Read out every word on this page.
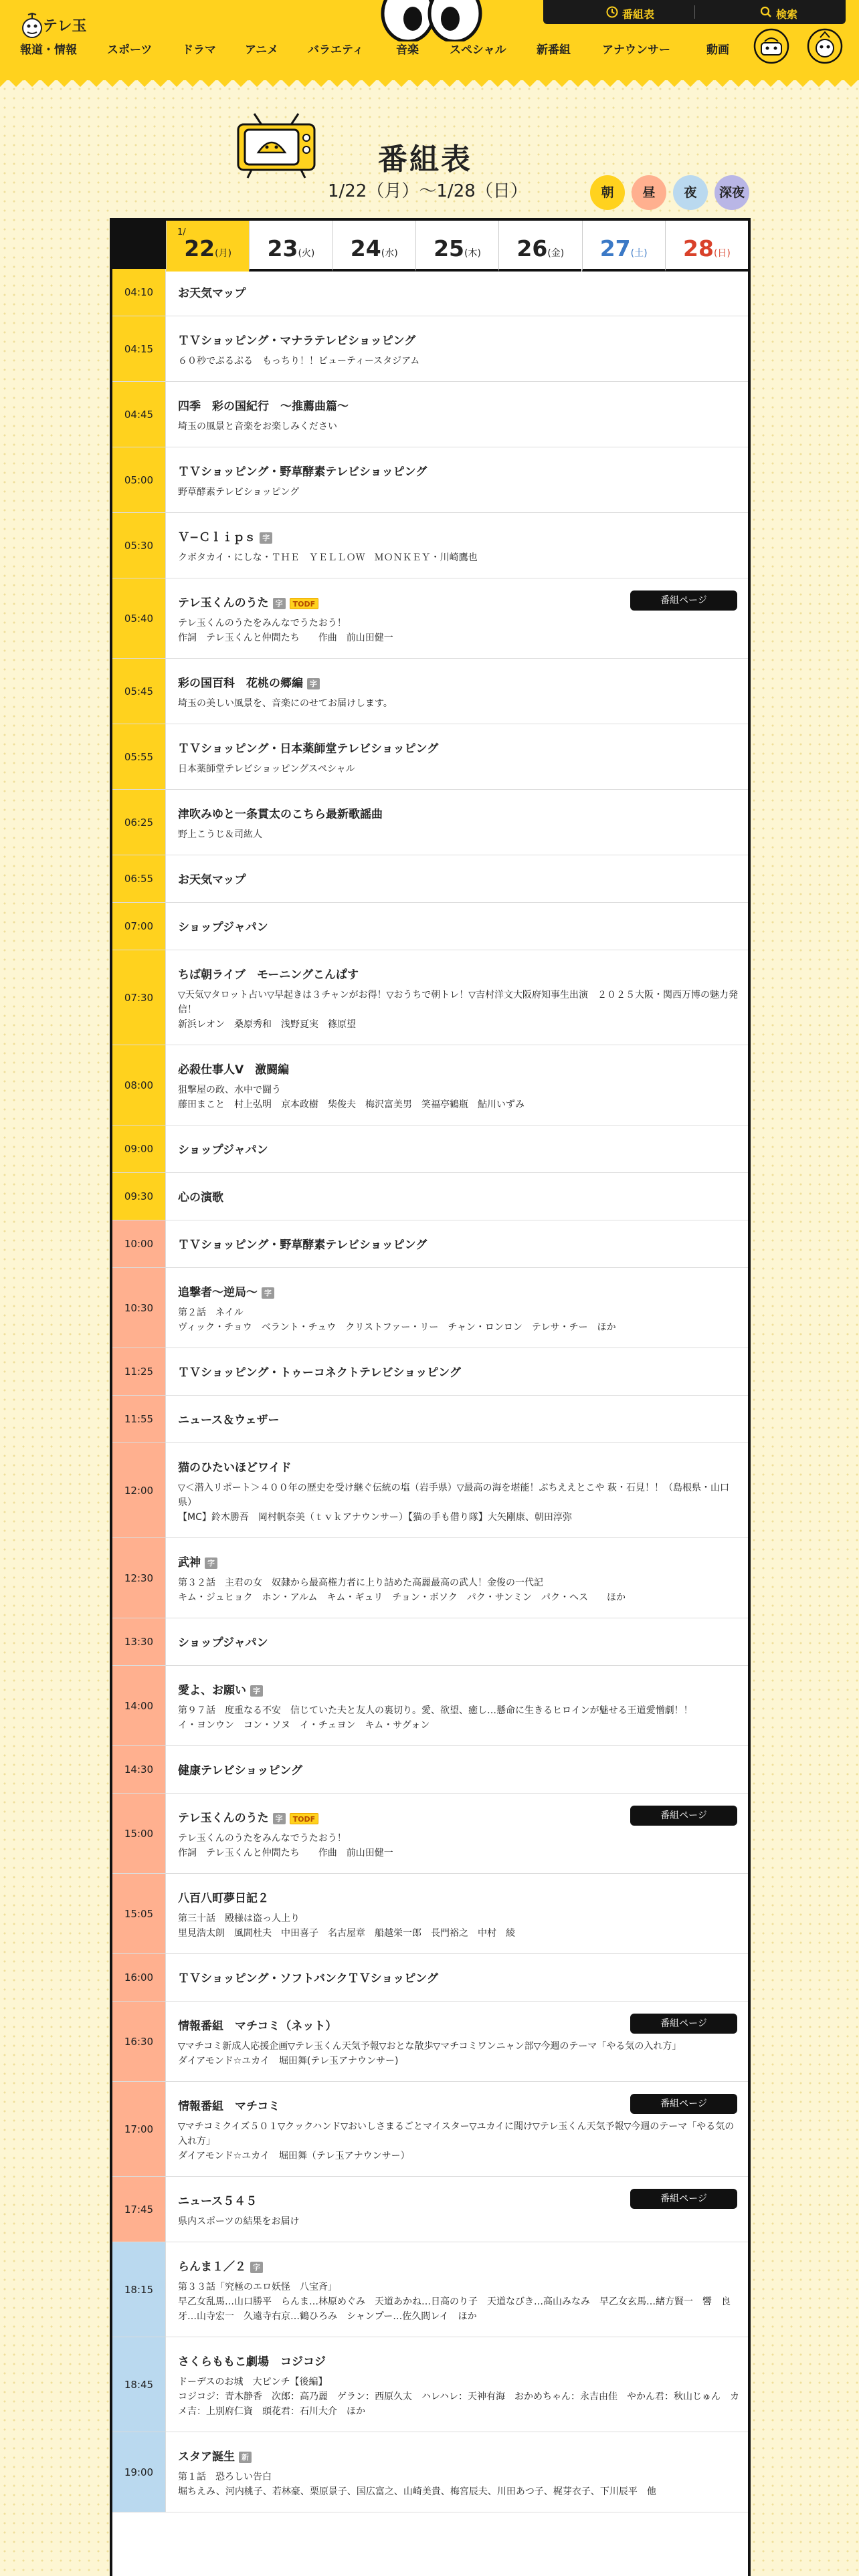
テレ玉
番組表	検索
報道・情報	スポーツ	ドラマ	アニメ	バラエティ	音楽	スペシャル	新番組	アナウンサー	動画
番組表
1/22（月）〜1/28（日）	朝	昼	夜	深夜
1/
22(月)	23(火)	24(水)	25(木)	26(金)	27(土)	28(日)
04:10	お天気マップ
04:15
ＴＶショッピング・マナラテレビショッピング
６０秒でぷるぷる　もっちり！！ビューティースタジアム
04:45
四季　彩の国紀行　〜推薦曲篇〜
埼玉の風景と音楽をお楽しみください
05:00
ＴＶショッピング・野草酵素テレビショッピング
野草酵素テレビショッピング
05:30
Ｖ−Ｃｌｉｐｓ 字
クボタカイ・にしな・ＴＨＥ　ＹＥＬＬＯＷ　ＭＯＮＫＥＹ・川崎鷹也
05:40
テレ玉くんのうた 字 TODF
テレ玉くんのうたをみんなでうたおう！
作詞　テレ玉くんと仲間たち　　作曲　前山田健一
番組ページ
05:45
彩の国百科　花桃の郷編 字
埼玉の美しい風景を、音楽にのせてお届けします。
05:55
ＴＶショッピング・日本薬師堂テレビショッピング
日本薬師堂テレビショッピングスペシャル
06:25
津吹みゆと一条貫太のこちら最新歌謡曲
野上こうじ＆司紘人
06:55	お天気マップ
07:00	ショップジャパン
07:30
ちば朝ライブ　モーニングこんぱす
▽天気▽タロット占い▽早起きは３チャンがお得！▽おうちで朝トレ！▽吉村洋文大阪府知事生出演　２０２５大阪・関西万博の魅力発信！
新浜レオン　桑原秀和　浅野夏実　篠原望
08:00
必殺仕事人Ⅴ　激闘編
狙撃屋の政、水中で闘う
藤田まこと　村上弘明　京本政樹　柴俊夫　梅沢富美男　笑福亭鶴瓶　鮎川いずみ
09:00	ショップジャパン
09:30	心の演歌
10:00	ＴＶショッピング・野草酵素テレビショッピング
10:30
追撃者〜逆局〜 字
第２話　ネイル
ヴィック・チョウ　ベラント・チュウ　クリストファー・リー　チャン・ロンロン　テレサ・チー　ほか
11:25	ＴＶショッピング・トゥーコネクトテレビショッピング
11:55	ニュース＆ウェザー
12:00
猫のひたいほどワイド
▽＜潜入リポート＞４００年の歴史を受け継ぐ伝統の塩（岩手県）▽最高の海を堪能！ぶちええとこや 萩・石見！！（島根県・山口県）
【MC】鈴木勝吾　岡村帆奈美（ｔｖｋアナウンサー）【猫の手も借り隊】大矢剛康、朝田淳弥
12:30
武神 字
第３２話　主君の女　奴隷から最高権力者に上り詰めた高麗最高の武人！金俊の一代記
キム・ジュヒョク　ホン・アルム　キム・ギュリ　チョン・ボソク　パク・サンミン　パク・ヘス　　ほか
13:30	ショップジャパン
14:00
愛よ、お願い 字
第９７話　度重なる不安　信じていた夫と友人の裏切り。愛、欲望、癒し…懸命に生きるヒロインが魅せる王道愛憎劇！！
イ・ヨンウン　コン・ソヌ　イ・チェヨン　キム・サグォン
14:30	健康テレビショッピング
15:00
テレ玉くんのうた 字 TODF
テレ玉くんのうたをみんなでうたおう！
作詞　テレ玉くんと仲間たち　　作曲　前山田健一
番組ページ
15:05
八百八町夢日記２
第三十話　殿様は盗っ人上り
里見浩太朗　風間杜夫　中田喜子　名古屋章　船越栄一郎　長門裕之　中村　綾
16:00	ＴＶショッピング・ソフトバンクＴＶショッピング
16:30
情報番組　マチコミ（ネット）
▽マチコミ新成人応援企画▽テレ玉くん天気予報▽おとな散歩▽マチコミワンニャン部▽今週のテーマ「やる気の入れ方」
ダイアモンド☆ユカイ　堀田舞(テレ玉アナウンサー)
番組ページ
17:00
情報番組　マチコミ
▽マチコミクイズ５０１▽クックハンド▽おいしさまるごとマイスター▽ユカイに聞け▽テレ玉くん天気予報▽今週のテーマ「やる気の入れ方」
ダイアモンド☆ユカイ　堀田舞（テレ玉アナウンサー）
番組ページ
17:45
ニュース５４５
県内スポーツの結果をお届け
番組ページ
18:15
らんま１／２ 字
第３３話「究極のエロ妖怪　八宝斉」
早乙女乱馬…山口勝平　らんま…林原めぐみ　天道あかね…日高のり子　天道なびき…高山みなみ　早乙女玄馬…緒方賢一　響　良牙…山寺宏一　久遠寺右京…鶴ひろみ　シャンプー…佐久間レイ　ほか
18:45
さくらももこ劇場　コジコジ
ドーデスのお城　大ピンチ【後編】
コジコジ：青木静香　次郎：高乃麗　ゲラン：西原久太　ハレハレ：天神有海　おかめちゃん：永吉由佳　やかん君：秋山じゅん　カメ吉：上別府仁資　頭花君：石川大介　ほか
19:00
スタア誕生 新
第１話　恐ろしい告白
堀ちえみ、河内桃子、若林豪、栗原景子、国広富之、山崎美貴、梅宮辰夫、川田あつ子、梶芽衣子、下川辰平　他
